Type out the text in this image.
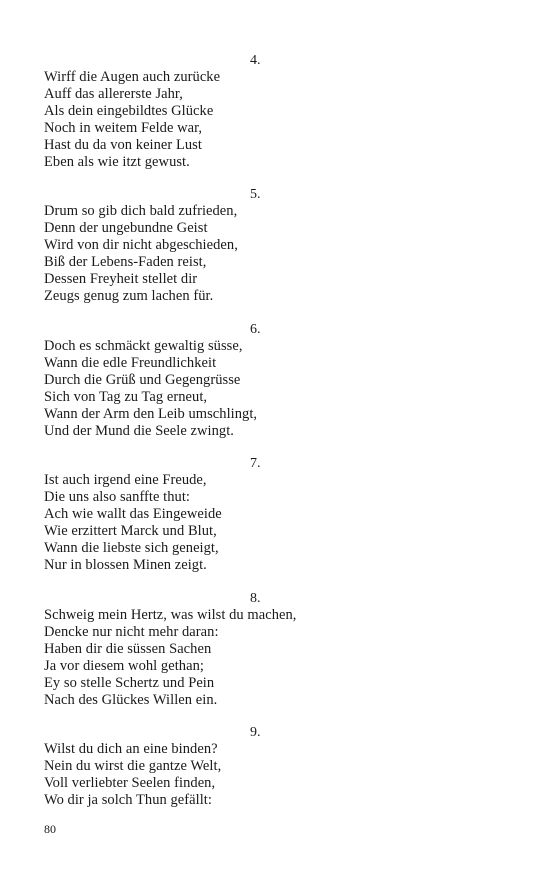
4.
Wirff die Augen auch zurücke
Auff das allererste Jahr,
Als dein eingebildtes Glücke
Noch in weitem Felde war,
Hast du da von keiner Lust
Eben als wie itzt gewust.
5.
Drum so gib dich bald zufrieden,
Denn der ungebundne Geist
Wird von dir nicht abgeschieden,
Biß der Lebens-Faden reist,
Dessen Freyheit stellet dir
Zeugs genug zum lachen für.
6.
Doch es schmäckt gewaltig süsse,
Wann die edle Freundlichkeit
Durch die Grüß und Gegengrüsse
Sich von Tag zu Tag erneut,
Wann der Arm den Leib umschlingt,
Und der Mund die Seele zwingt.
7.
Ist auch irgend eine Freude,
Die uns also sanffte thut:
Ach wie wallt das Eingeweide
Wie erzittert Marck und Blut,
Wann die liebste sich geneigt,
Nur in blossen Minen zeigt.
8.
Schweig mein Hertz, was wilst du machen,
Dencke nur nicht mehr daran:
Haben dir die süssen Sachen
Ja vor diesem wohl gethan;
Ey so stelle Schertz und Pein
Nach des Glückes Willen ein.
9.
Wilst du dich an eine binden?
Nein du wirst die gantze Welt,
Voll verliebter Seelen finden,
Wo dir ja solch Thun gefällt:
80
